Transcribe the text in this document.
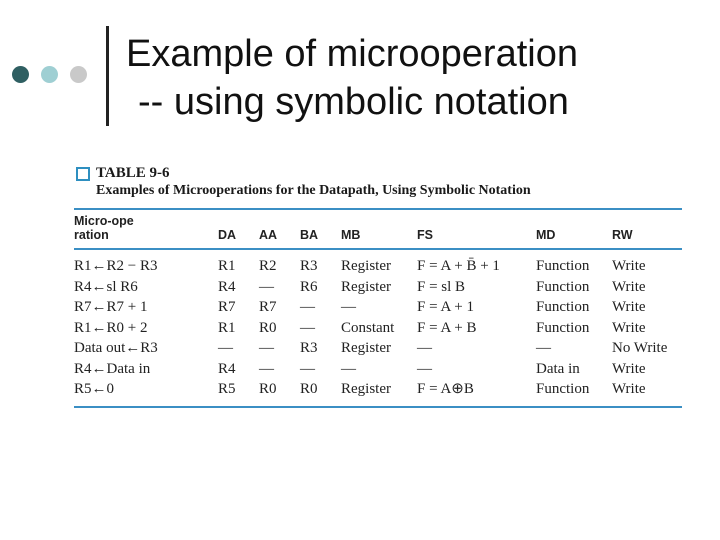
Example of microoperation
-- using symbolic notation
TABLE 9-6
Examples of Microoperations for the Datapath, Using Symbolic Notation
Micro-operation	DA	AA	BA	MB	FS	MD	RW
R1←R2 − R3	R1	R2	R3	Register	F = A + B̄ + 1	Function	Write
R4←sl R6	R4	—	R6	Register	F = sl B	Function	Write
R7←R7 + 1	R7	R7	—	—	F = A + 1	Function	Write
R1←R0 + 2	R1	R0	—	Constant	F = A + B	Function	Write
Data out←R3	—	—	R3	Register	—	—	No Write
R4←Data in	R4	—	—	—	—	Data in	Write
R5←0	R5	R0	R0	Register	F = A⊕B	Function	Write
